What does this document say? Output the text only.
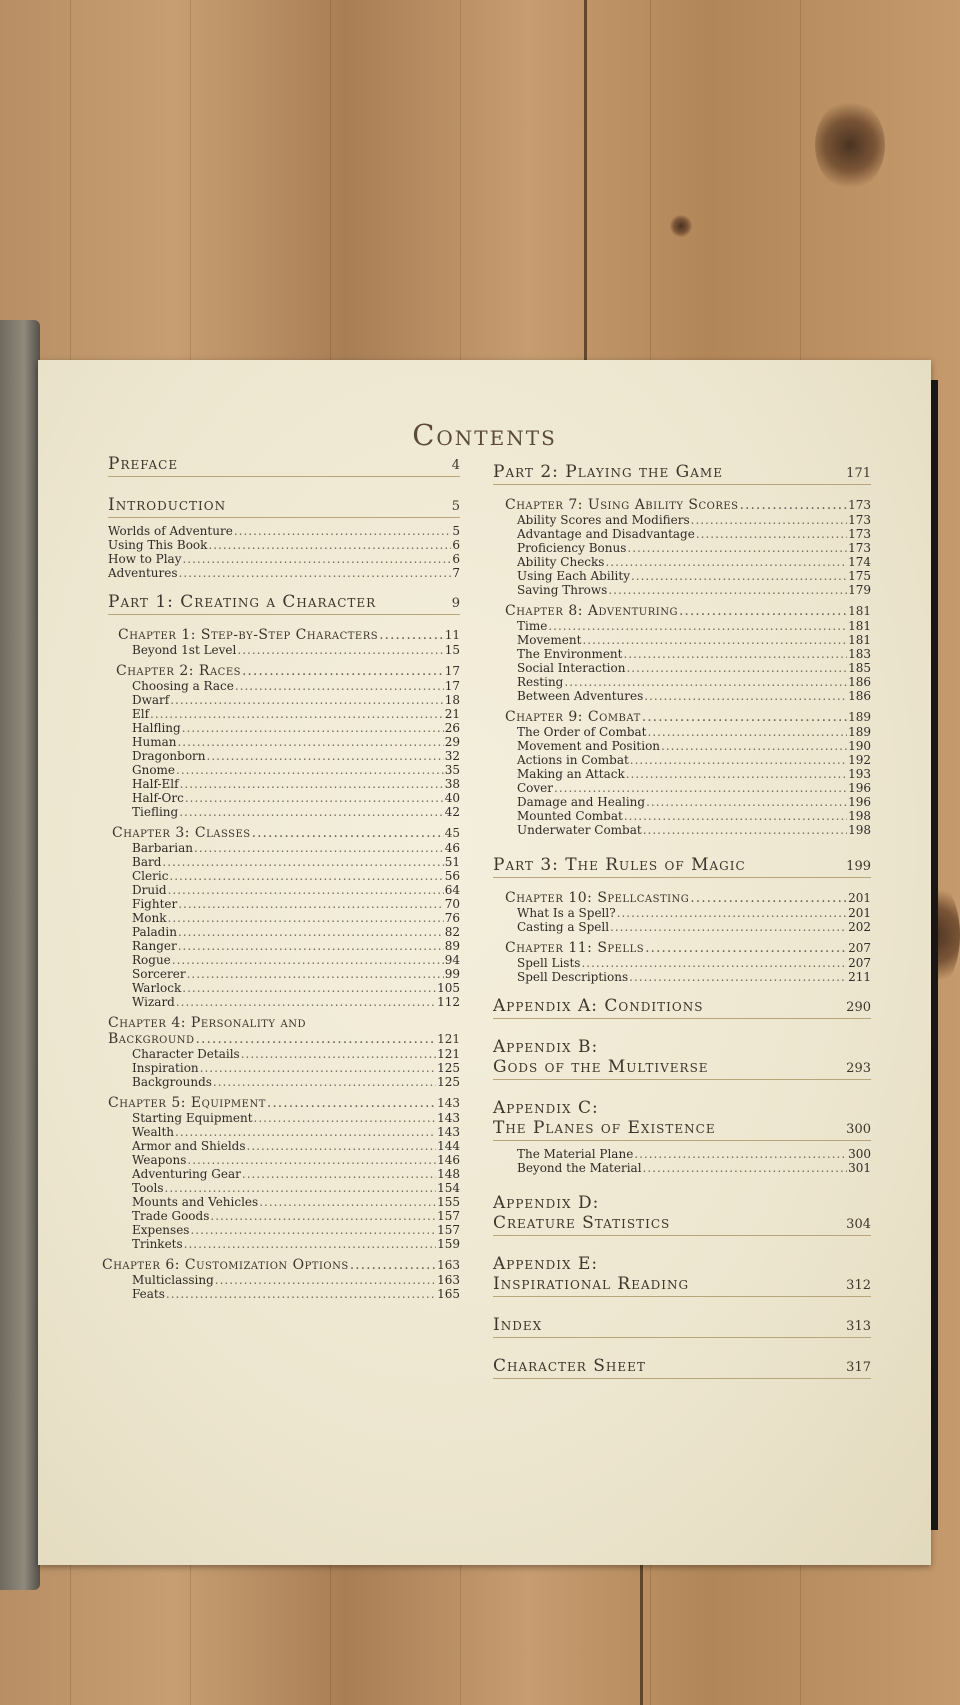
Contents
Preface	4
Introduction	5
Worlds of Adventure .....	5
Using This Book .....	6
How to Play .....	6
Adventures .....	7
Part 1: Creating a Character	9
Chapter 1: Step-by-Step Characters .....	11
Beyond 1st Level .....	15
Chapter 2: Races .....	17
Choosing a Race .....	17
Dwarf .....	18
Elf .....	21
Halfling .....	26
Human .....	29
Dragonborn .....	32
Gnome .....	35
Half-Elf .....	38
Half-Orc .....	40
Tiefling .....	42
Chapter 3: Classes .....	45
Barbarian .....	46
Bard .....	51
Cleric .....	56
Druid .....	64
Fighter .....	70
Monk .....	76
Paladin .....	82
Ranger .....	89
Rogue .....	94
Sorcerer .....	99
Warlock .....	105
Wizard .....	112
Chapter 4: Personality and
Background .....	121
Character Details .....	121
Inspiration .....	125
Backgrounds .....	125
Chapter 5: Equipment .....	143
Starting Equipment .....	143
Wealth .....	143
Armor and Shields .....	144
Weapons .....	146
Adventuring Gear .....	148
Tools .....	154
Mounts and Vehicles .....	155
Trade Goods .....	157
Expenses .....	157
Trinkets .....	159
Chapter 6: Customization Options .....	163
Multiclassing .....	163
Feats .....	165
Part 2: Playing the Game	171
Chapter 7: Using Ability Scores .....	173
Ability Scores and Modifiers .....	173
Advantage and Disadvantage .....	173
Proficiency Bonus .....	173
Ability Checks .....	174
Using Each Ability .....	175
Saving Throws .....	179
Chapter 8: Adventuring .....	181
Time .....	181
Movement .....	181
The Environment .....	183
Social Interaction .....	185
Resting .....	186
Between Adventures .....	186
Chapter 9: Combat .....	189
The Order of Combat .....	189
Movement and Position .....	190
Actions in Combat .....	192
Making an Attack .....	193
Cover .....	196
Damage and Healing .....	196
Mounted Combat .....	198
Underwater Combat .....	198
Part 3: The Rules of Magic	199
Chapter 10: Spellcasting .....	201
What Is a Spell? .....	201
Casting a Spell .....	202
Chapter 11: Spells .....	207
Spell Lists .....	207
Spell Descriptions .....	211
Appendix A: Conditions	290
Appendix B:
Gods of the Multiverse	293
Appendix C:
The Planes of Existence	300
The Material Plane .....	300
Beyond the Material .....	301
Appendix D:
Creature Statistics	304
Appendix E:
Inspirational Reading	312
Index	313
Character Sheet	317
